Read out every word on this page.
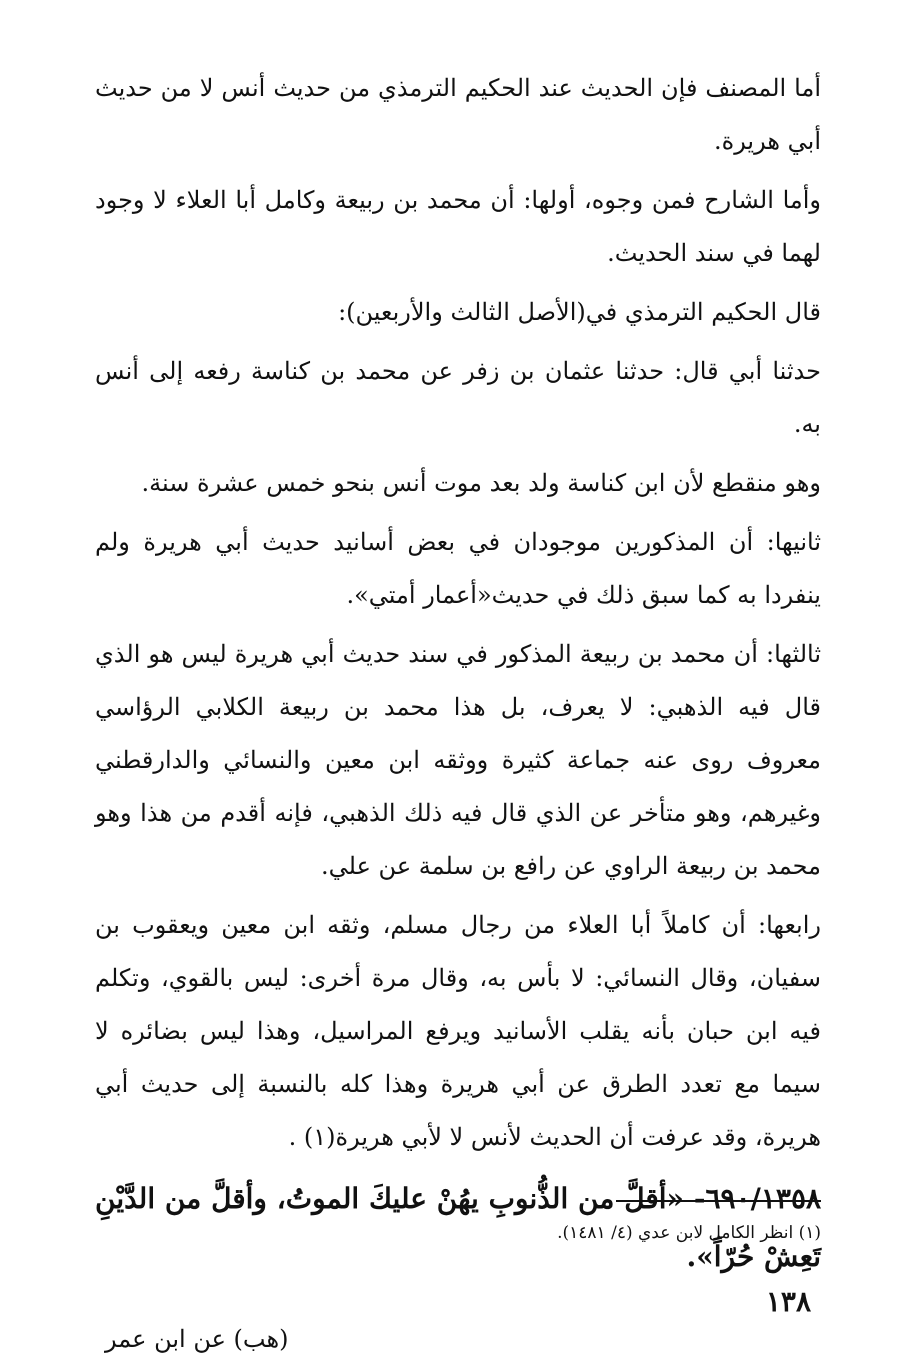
أما المصنف فإن الحديث عند الحكيم الترمذي من حديث أنس لا من حديث أبي هريرة.

وأما الشارح فمن وجوه، أولها: أن محمد بن ربيعة وكامل أبا العلاء لا وجود لهما في سند الحديث.

قال الحكيم الترمذي في(الأصل الثالث والأربعين):

حدثنا أبي قال: حدثنا عثمان بن زفر عن محمد بن كناسة رفعه إلى أنس به.

وهو منقطع لأن ابن كناسة ولد بعد موت أنس بنحو خمس عشرة سنة.

ثانيها: أن المذكورين موجودان في بعض أسانيد حديث أبي هريرة ولم ينفردا به كما سبق ذلك في حديث«أعمار أمتي».

ثالثها: أن محمد بن ربيعة المذكور في سند حديث أبي هريرة ليس هو الذي قال فيه الذهبي: لا يعرف، بل هذا محمد بن ربيعة الكلابي الرؤاسي معروف روى عنه جماعة كثيرة ووثقه ابن معين والنسائي والدارقطني وغيرهم، وهو متأخر عن الذي قال فيه ذلك الذهبي، فإنه أقدم من هذا وهو محمد بن ربيعة الراوي عن رافع بن سلمة عن علي.

رابعها: أن كاملاً أبا العلاء من رجال مسلم، وثقه ابن معين ويعقوب بن سفيان، وقال النسائي: لا بأس به، وقال مرة أخرى: ليس بالقوي، وتكلم فيه ابن حبان بأنه يقلب الأسانيد ويرفع المراسيل، وهذا ليس بضائره لا سيما مع تعدد الطرق عن أبي هريرة وهذا كله بالنسبة إلى حديث أبي هريرة، وقد عرفت أن الحديث لأنس لا لأبي هريرة(١) .

٦٩٠/١٣٥٨- «أقلَّ من الذُّنوبِ يهُنْ عليكَ الموتُ، وأقلَّ من الدَّيْنِ تَعِشْ حُرّاً».

(هب) عن ابن عمر

(١) انظر الكامل لابن عدي (٤/ ١٤٨١).
١٣٨
